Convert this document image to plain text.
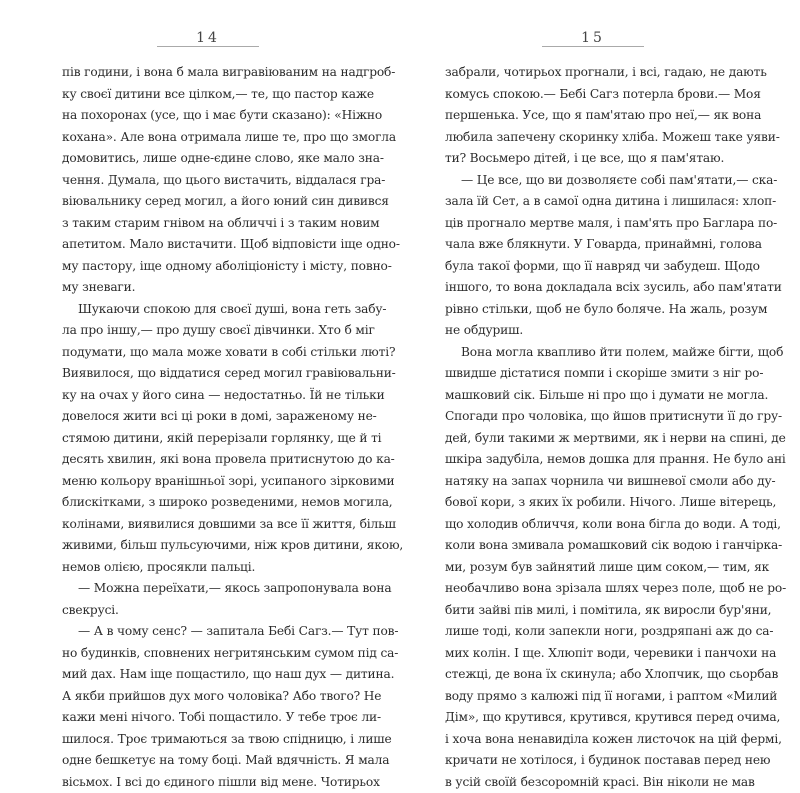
14
пів години, і вона б мала вигравіюваним на надгроб-
ку своєї дитини все цілком,— те, що пастор каже
на похоронах (усе, що і має бути сказано): «Ніжно
кохана». Але вона отримала лише те, про що змогла
домовитись, лише одне-єдине слово, яке мало зна-
чення. Думала, що цього вистачить, віддалася гра-
віювальнику серед могил, а його юний син дивився
з таким старим гнівом на обличчі і з таким новим
апетитом. Мало вистачити. Щоб відповісти іще одно-
му пастору, іще одному аболіціоністу і місту, повно-
му зневаги.
Шукаючи спокою для своєї душі, вона геть забу-
ла про іншу,— про душу своєї дівчинки. Хто б міг
подумати, що мала може ховати в собі стільки люті?
Виявилося, що віддатися серед могил гравіювальни-
ку на очах у його сина — недостатньо. Їй не тільки
довелося жити всі ці роки в домі, зараженому не-
стямою дитини, якій перерізали горлянку, ще й ті
десять хвилин, які вона провела притиснутою до ка-
меню кольору вранішньої зорі, усипаного зірковими
блискітками, з широко розведеними, немов могила,
колінами, виявилися довшими за все її життя, більш
живими, більш пульсуючими, ніж кров дитини, якою,
немов олією, просякли пальці.
— Можна переїхати,— якось запропонувала вона
свекрусі.
— А в чому сенс? — запитала Бебі Сагз.— Тут пов-
но будинків, сповнених негритянським сумом під са-
мий дах. Нам іще пощастило, що наш дух — дитина.
А якби прийшов дух мого чоловіка? Або твого? Не
кажи мені нічого. Тобі пощастило. У тебе троє ли-
шилося. Троє тримаються за твою спідницю, і лише
одне бешкетує на тому боці. Май вдячність. Я мала
вісьмох. І всі до єдиного пішли від мене. Чотирьох
15
забрали, чотирьох прогнали, і всі, гадаю, не дають
комусь спокою.— Бебі Сагз потерла брови.— Моя
першенька. Усе, що я пам'ятаю про неї,— як вона
любила запечену скоринку хліба. Можеш таке уяви-
ти? Восьмеро дітей, і це все, що я пам'ятаю.
— Це все, що ви дозволяєте собі пам'ятати,— ска-
зала їй Сет, а в самої одна дитина і лишилася: хлоп-
ців прогнало мертве маля, і пам'ять про Баглара по-
чала вже блякнути. У Говарда, принаймні, голова
була такої форми, що її навряд чи забудеш. Щодо
іншого, то вона докладала всіх зусиль, або пам'ятати
рівно стільки, щоб не було боляче. На жаль, розум
не обдуриш.
Вона могла квапливо йти полем, майже бігти, щоб
швидше дістатися помпи і скоріше змити з ніг ро-
машковий сік. Більше ні про що і думати не могла.
Спогади про чоловіка, що йшов притиснути її до гру-
дей, були такими ж мертвими, як і нерви на спині, де
шкіра задубіла, немов дошка для прання. Не було ані
натяку на запах чорнила чи вишневої смоли або ду-
бової кори, з яких їх робили. Нічого. Лише вітерець,
що холодив обличчя, коли вона бігла до води. А тоді,
коли вона змивала ромашковий сік водою і ганчірка-
ми, розум був зайнятий лише цим соком,— тим, як
необачливо вона зрізала шлях через поле, щоб не ро-
бити зайві пів милі, і помітила, як виросли бур'яни,
лише тоді, коли запекли ноги, роздряпані аж до са-
мих колін. І ще. Хлюпіт води, черевики і панчохи на
стежці, де вона їх скинула; або Хлопчик, що сьорбав
воду прямо з калюжі під її ногами, і раптом «Милий
Дім», що крутився, крутився, крутився перед очима,
і хоча вона ненавиділа кожен листочок на цій фермі,
кричати не хотілося, і будинок поставав перед нею
в усій своїй безсоромній красі. Він ніколи не мав
